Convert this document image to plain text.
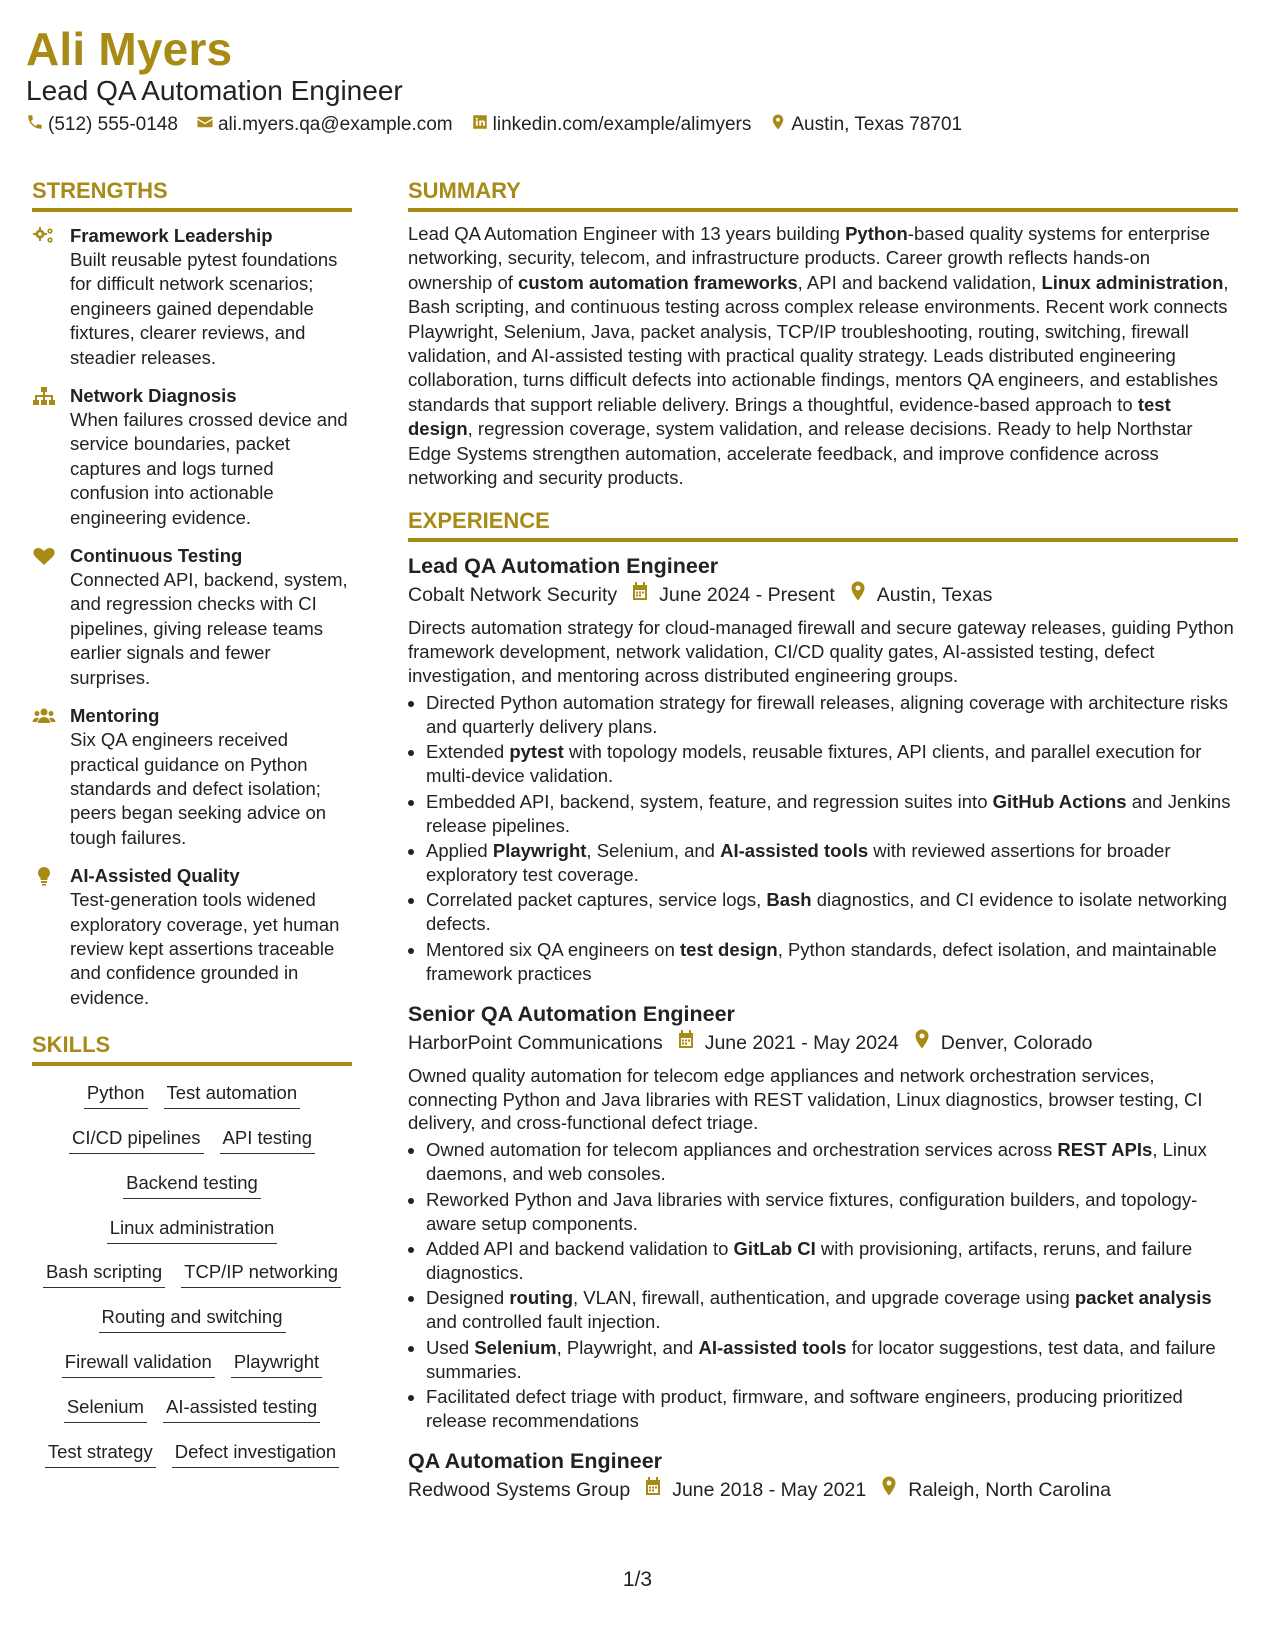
Ali Myers
Lead QA Automation Engineer
(512) 555-0148 ali.myers.qa@example.com linkedin.com/example/alimyers Austin, Texas 78701
STRENGTHS
Framework Leadership

Built reusable pytest foundations for difficult network scenarios; engineers gained dependable fixtures, clearer reviews, and steadier releases.

Network Diagnosis

When failures crossed device and service boundaries, packet captures and logs turned confusion into actionable engineering evidence.

Continuous Testing

Connected API, backend, system, and regression checks with CI pipelines, giving release teams earlier signals and fewer surprises.

Mentoring

Six QA engineers received practical guidance on Python standards and defect isolation; peers began seeking advice on tough failures.

AI-Assisted Quality

Test-generation tools widened exploratory coverage, yet human review kept assertions traceable and confidence grounded in evidence.

SKILLS
Python Test automation
CI/CD pipelines API testing
Backend testing
Linux administration
Bash scripting TCP/IP networking
Routing and switching
Firewall validation Playwright
Selenium AI-assisted testing
Test strategy Defect investigation
SUMMARY

Lead QA Automation Engineer with 13 years building Python-based quality systems for enterprise networking, security, telecom, and infrastructure products. Career growth reflects hands-on ownership of custom automation frameworks, API and backend validation, Linux administration, Bash scripting, and continuous testing across complex release environments. Recent work connects Playwright, Selenium, Java, packet analysis, TCP/IP troubleshooting, routing, switching, firewall validation, and AI-assisted testing with practical quality strategy. Leads distributed engineering collaboration, turns difficult defects into actionable findings, mentors QA engineers, and establishes standards that support reliable delivery. Brings a thoughtful, evidence-based approach to test design, regression coverage, system validation, and release decisions. Ready to help Northstar Edge Systems strengthen automation, accelerate feedback, and improve confidence across networking and security products.

EXPERIENCE
Lead QA Automation Engineer
Cobalt Network Security June 2024 - Present Austin, Texas

Directs automation strategy for cloud-managed firewall and secure gateway releases, guiding Python framework development, network validation, CI/CD quality gates, AI-assisted testing, defect investigation, and mentoring across distributed engineering groups.

• Directed Python automation strategy for firewall releases, aligning coverage with architecture risks and quarterly delivery plans.
• Extended pytest with topology models, reusable fixtures, API clients, and parallel execution for multi-device validation.
• Embedded API, backend, system, feature, and regression suites into GitHub Actions and Jenkins release pipelines.
• Applied Playwright, Selenium, and AI-assisted tools with reviewed assertions for broader exploratory test coverage.
• Correlated packet captures, service logs, Bash diagnostics, and CI evidence to isolate networking defects.
• Mentored six QA engineers on test design, Python standards, defect isolation, and maintainable framework practices
Senior QA Automation Engineer
HarborPoint Communications June 2021 - May 2024 Denver, Colorado

Owned quality automation for telecom edge appliances and network orchestration services, connecting Python and Java libraries with REST validation, Linux diagnostics, browser testing, CI delivery, and cross-functional defect triage.

• Owned automation for telecom appliances and orchestration services across REST APIs, Linux daemons, and web consoles.
• Reworked Python and Java libraries with service fixtures, configuration builders, and topology-aware setup components.
• Added API and backend validation to GitLab CI with provisioning, artifacts, reruns, and failure diagnostics.
• Designed routing, VLAN, firewall, authentication, and upgrade coverage using packet analysis and controlled fault injection.
• Used Selenium, Playwright, and AI-assisted tools for locator suggestions, test data, and failure summaries.
• Facilitated defect triage with product, firmware, and software engineers, producing prioritized release recommendations
QA Automation Engineer
Redwood Systems Group June 2018 - May 2021 Raleigh, North Carolina
1/3
